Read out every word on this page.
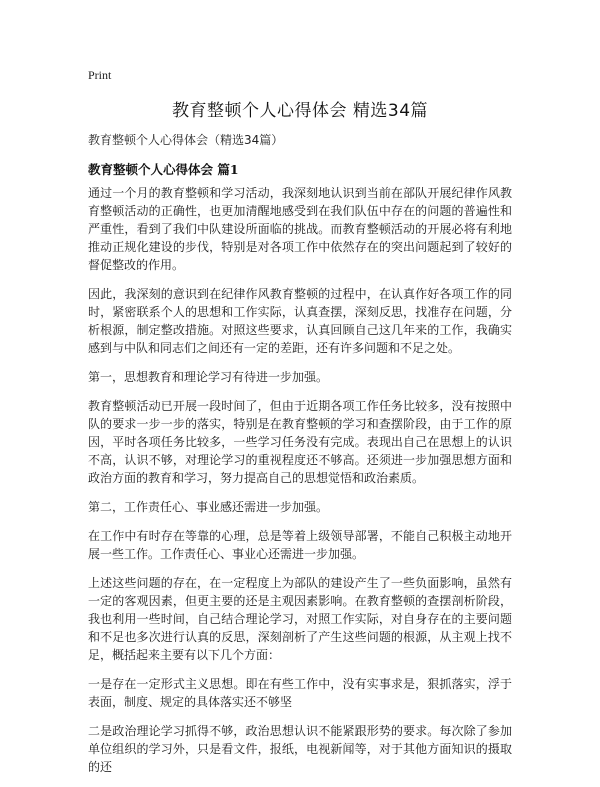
Print
教育整顿个人心得体会 精选34篇
教育整顿个人心得体会（精选34篇）
教育整顿个人心得体会 篇1

通过一个月的教育整顿和学习活动，我深刻地认识到当前在部队开展纪律作风教育整顿活动的正确性，也更加清醒地感受到在我们队伍中存在的问题的普遍性和严重性，看到了我们中队建设所面临的挑战。而教育整顿活动的开展必将有利地推动正规化建设的步伐，特别是对各项工作中依然存在的突出问题起到了较好的督促整改的作用。

因此，我深刻的意识到在纪律作风教育整顿的过程中，在认真作好各项工作的同时，紧密联系个人的思想和工作实际，认真查摆，深刻反思，找准存在问题，分析根源，制定整改措施。对照这些要求，认真回顾自己这几年来的工作，我确实感到与中队和同志们之间还有一定的差距，还有许多问题和不足之处。

第一，思想教育和理论学习有待进一步加强。

教育整顿活动已开展一段时间了，但由于近期各项工作任务比较多，没有按照中队的要求一步一步的落实，特别是在教育整顿的学习和查摆阶段，由于工作的原因，平时各项任务比较多，一些学习任务没有完成。表现出自己在思想上的认识不高，认识不够，对理论学习的重视程度还不够高。还须进一步加强思想方面和政治方面的教育和学习，努力提高自己的思想觉悟和政治素质。

第二，工作责任心、事业感还需进一步加强。

在工作中有时存在等靠的心理，总是等着上级领导部署，不能自己积极主动地开展一些工作。工作责任心、事业心还需进一步加强。

上述这些问题的存在，在一定程度上为部队的建设产生了一些负面影响，虽然有一定的客观因素，但更主要的还是主观因素影响。在教育整顿的查摆剖析阶段，我也利用一些时间，自己结合理论学习，对照工作实际，对自身存在的主要问题和不足也多次进行认真的反思，深刻剖析了产生这些问题的根源，从主观上找不足，概括起来主要有以下几个方面：

一是存在一定形式主义思想。即在有些工作中，没有实事求是，狠抓落实，浮于表面，制度、规定的具体落实还不够坚

二是政治理论学习抓得不够，政治思想认识不能紧跟形势的要求。每次除了参加单位组织的学习外，只是看文件，报纸，电视新闻等，对于其他方面知识的摄取的还
